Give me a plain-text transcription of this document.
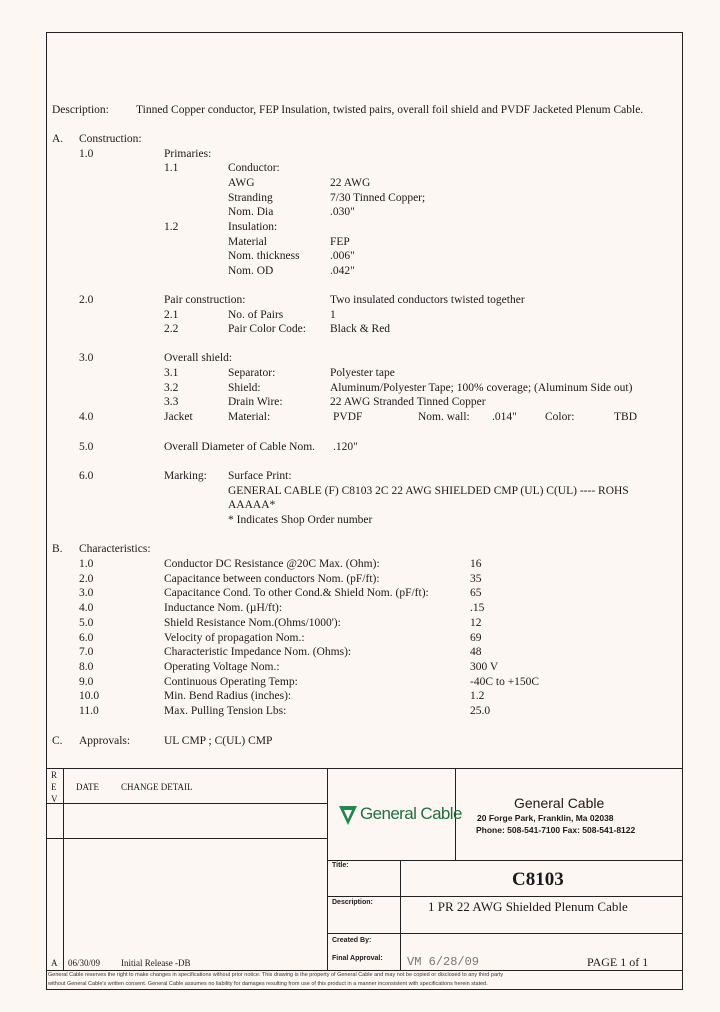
Description: Tinned Copper conductor, FEP Insulation, twisted pairs, overall foil shield and PVDF Jacketed Plenum Cable.
A. Construction:
1.0	Primaries:
1.1	Conductor:
AWG	22 AWG
Stranding	7/30 Tinned Copper;
Nom. Dia	.030"
1.2	Insulation:
Material	FEP
Nom. thickness	.006"
Nom. OD	.042"
2.0	Pair construction:	Two insulated conductors twisted together
2.1	No. of Pairs	1
2.2	Pair Color Code: Black & Red
3.0	Overall shield:
3.1	Separator:	Polyester tape
3.2	Shield:	Aluminum/Polyester Tape; 100% coverage; (Aluminum Side out)
3.3	Drain Wire:	22 AWG Stranded Tinned Copper
4.0	Jacket	Material:	PVDF	Nom. wall: .014" Color:	TBD
5.0	Overall Diameter of Cable Nom. .120"
6.0	Marking: Surface Print:
GENERAL CABLE (F) C8103 2C 22 AWG SHIELDED CMP (UL) C(UL) ---- ROHS
AAAAA*
* Indicates Shop Order number
B. Characteristics:
1.0	Conductor DC Resistance @20C Max. (Ohm):	16
2.0	Capacitance between conductors Nom. (pF/ft):	35
3.0	Capacitance Cond. To other Cond.& Shield Nom. (pF/ft):	65
4.0	Inductance Nom. (µH/ft):	.15
5.0	Shield Resistance Nom.(Ohms/1000'):	12
6.0	Velocity of propagation Nom.:	69
7.0	Characteristic Impedance Nom. (Ohms):	48
8.0	Operating Voltage Nom.:	300 V
9.0	Continuous Operating Temp:	-40C to +150C
10.0	Min. Bend Radius (inches):	1.2
11.0	Max. Pulling Tension Lbs:	25.0
C. Approvals:	UL CMP ; C(UL) CMP
R
E
V
DATE CHANGE DETAIL
General Cable
General Cable
20 Forge Park, Franklin, Ma 02038
Phone: 508-541-7100 Fax: 508-541-8122
Title:
C8103
Description:	1 PR 22 AWG Shielded Plenum Cable
Created By:
Final Approval: VM 6/28/09	PAGE 1 of 1
A 06/30/09 Initial Release -DB
General Cable reserves the right to make changes in specifications without prior notice. This drawing is the property of General Cable and may not be copied or disclosed to any third party
without General Cable's written consent. General Cable assumes no liability for damages resulting from use of this product in a manner inconsistent with specifications herein stated.
